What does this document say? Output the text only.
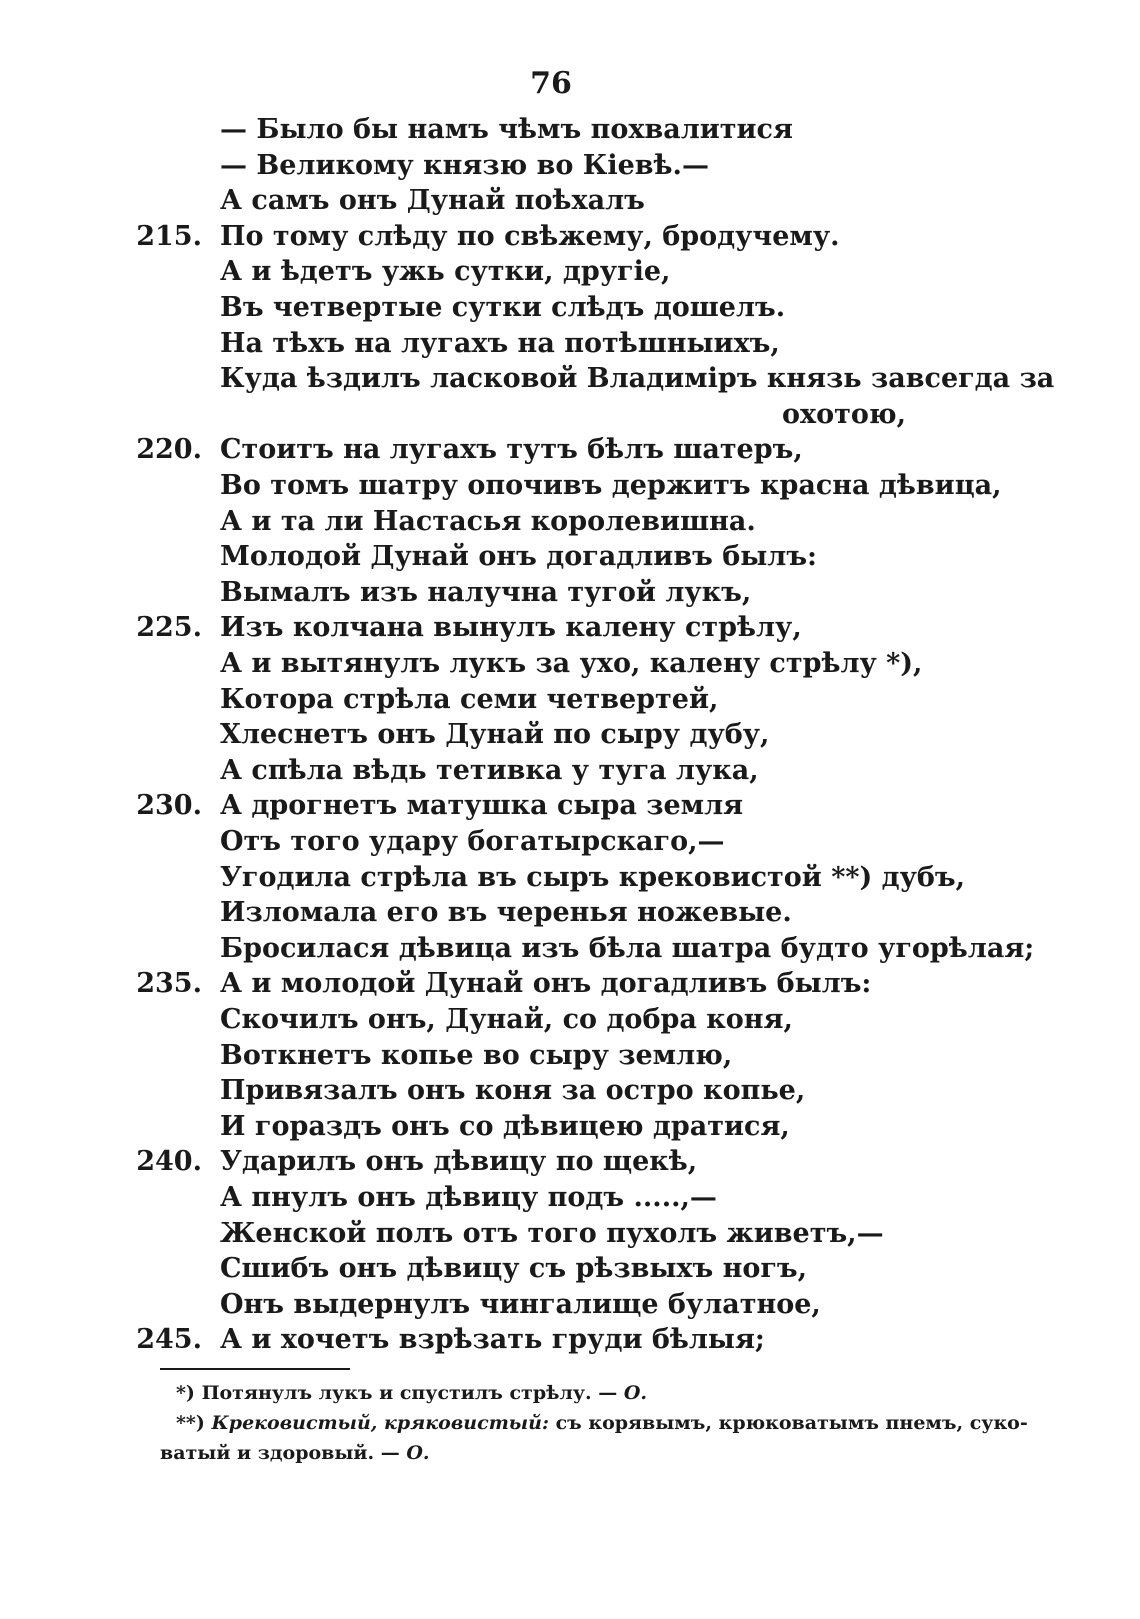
76
— Было бы намъ чѣмъ похвалитися
— Великому князю во Кіевѣ.—
А самъ онъ Дунай поѣхалъ
215. По тому слѣду по свѣжему, бродучему.
А и ѣдетъ ужь сутки, другіе,
Въ четвертые сутки слѣдъ дошелъ.
На тѣхъ на лугахъ на потѣшныихъ,
Куда ѣздилъ ласковой Владиміръ князь завсегда за
охотою,
220. Стоитъ на лугахъ тутъ бѣлъ шатеръ,
Во томъ шатру опочивъ держитъ красна дѣвица,
А и та ли Настасья королевишна.
Молодой Дунай онъ догадливъ былъ:
Вымалъ изъ налучна тугой лукъ,
225. Изъ колчана вынулъ калену стрѣлу,
А и вытянулъ лукъ за ухо, калену стрѣлу *),
Котора стрѣла семи четвертей,
Хлеснетъ онъ Дунай по сыру дубу,
А спѣла вѣдь тетивка у туга лука,
230. А дрогнетъ матушка сыра земля
Отъ того удару богатырскаго,—
Угодила стрѣла въ сыръ крековистой **) дубъ,
Изломала его въ черенья ножевые.
Бросилася дѣвица изъ бѣла шатра будто угорѣлая;
235. А и молодой Дунай онъ догадливъ былъ:
Скочилъ онъ, Дунай, со добра коня,
Воткнетъ копье во сыру землю,
Привязалъ онъ коня за остро копье,
И гораздъ онъ со дѣвицею дратися,
240. Ударилъ онъ дѣвицу по щекѣ,
А пнулъ онъ дѣвицу подъ .....,—
Женской полъ отъ того пухолъ живетъ,—
Сшибъ онъ дѣвицу съ рѣзвыхъ ногъ,
Онъ выдернулъ чингалище булатное,
245. А и хочетъ взрѣзать груди бѣлыя;
*) Потянулъ лукъ и спустилъ стрѣлу. — О.
**) Крековистый, кряковистый: съ корявымъ, крюковатымъ пнемъ, суко-
ватый и здоровый. — О.
